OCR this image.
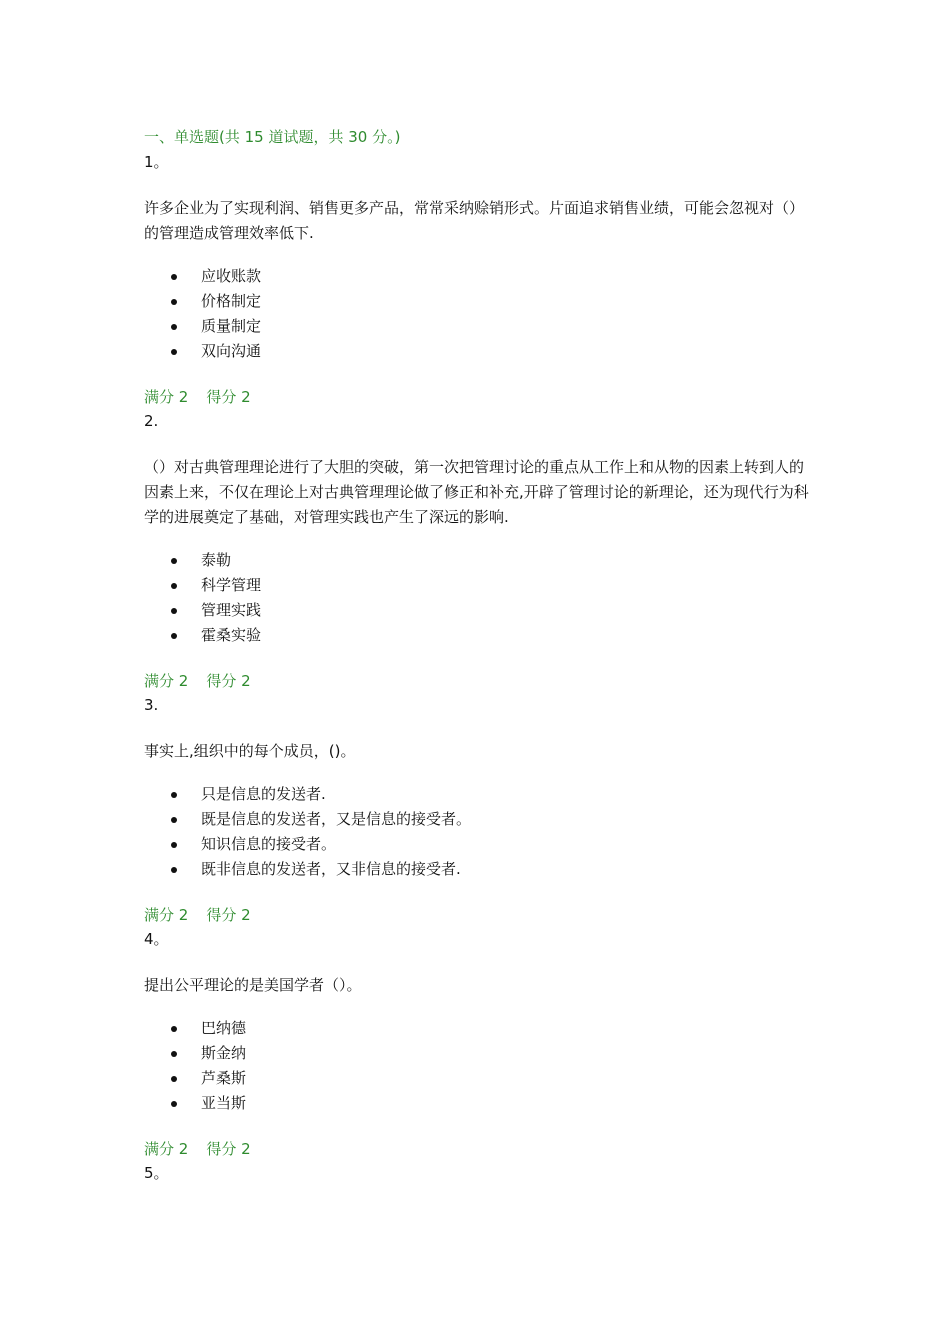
一、单选题(共 15 道试题，共 30 分。)
1。
许多企业为了实现利润、销售更多产品，常常采纳赊销形式。片面追求销售业绩，可能会忽视对（）的管理造成管理效率低下.
应收账款
价格制定
质量制定
双向沟通
满分 2 得分 2
2.
（）对古典管理理论进行了大胆的突破，第一次把管理讨论的重点从工作上和从物的因素上转到人的因素上来，不仅在理论上对古典管理理论做了修正和补充,开辟了管理讨论的新理论，还为现代行为科学的进展奠定了基础，对管理实践也产生了深远的影响.
泰勒
科学管理
管理实践
霍桑实验
满分 2 得分 2
3.
事实上,组织中的每个成员，()。
只是信息的发送者.
既是信息的发送者，又是信息的接受者。
知识信息的接受者。
既非信息的发送者，又非信息的接受者.
满分 2 得分 2
4。
提出公平理论的是美国学者（）。
巴纳德
斯金纳
芦桑斯
亚当斯
满分 2 得分 2
5。
